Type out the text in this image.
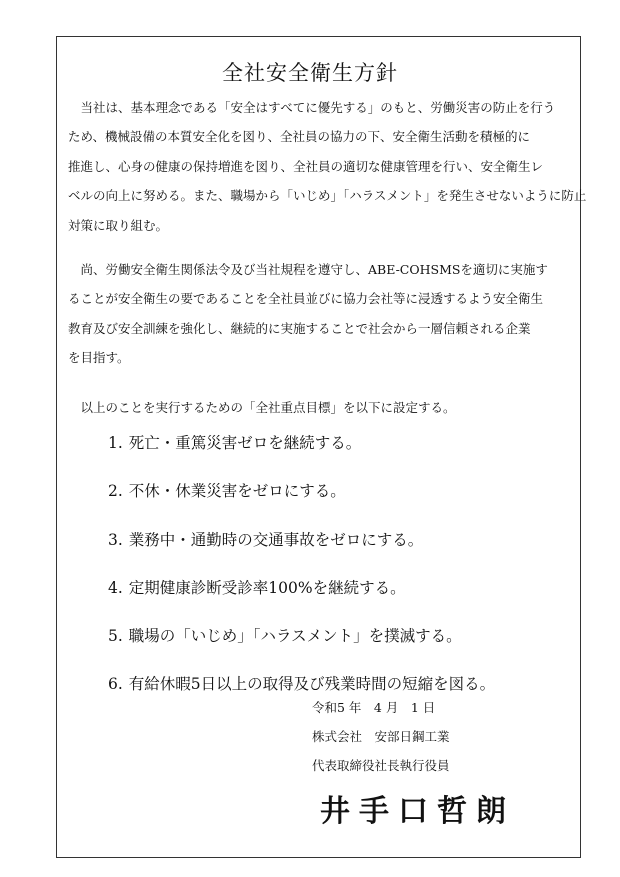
全社安全衛生方針
　当社は、基本理念である「安全はすべてに優先する」のもと、労働災害の防止を行う
ため、機械設備の本質安全化を図り、全社員の協力の下、安全衛生活動を積極的に
推進し、心身の健康の保持増進を図り、全社員の適切な健康管理を行い、安全衛生レ
ベルの向上に努める。また、職場から「いじめ」「ハラスメント」を発生させないように防止
対策に取り組む。
　尚、労働安全衛生関係法令及び当社規程を遵守し、ABE-COHSMSを適切に実施す
ることが安全衛生の要であることを全社員並びに協力会社等に浸透するよう安全衛生
教育及び安全訓練を強化し、継続的に実施することで社会から一層信頼される企業
を目指す。

　以上のことを実行するための「全社重点目標」を以下に設定する。

1. 死亡・重篤災害ゼロを継続する。
2. 不休・休業災害をゼロにする。
3. 業務中・通勤時の交通事故をゼロにする。
4. 定期健康診断受診率100%を継続する。
5. 職場の「いじめ」「ハラスメント」を撲滅する。
6. 有給休暇5日以上の取得及び残業時間の短縮を図る。
令和5 年　4 月　1 日
株式会社　安部日鋼工業
代表取締役社長執行役員
井手口哲朗
